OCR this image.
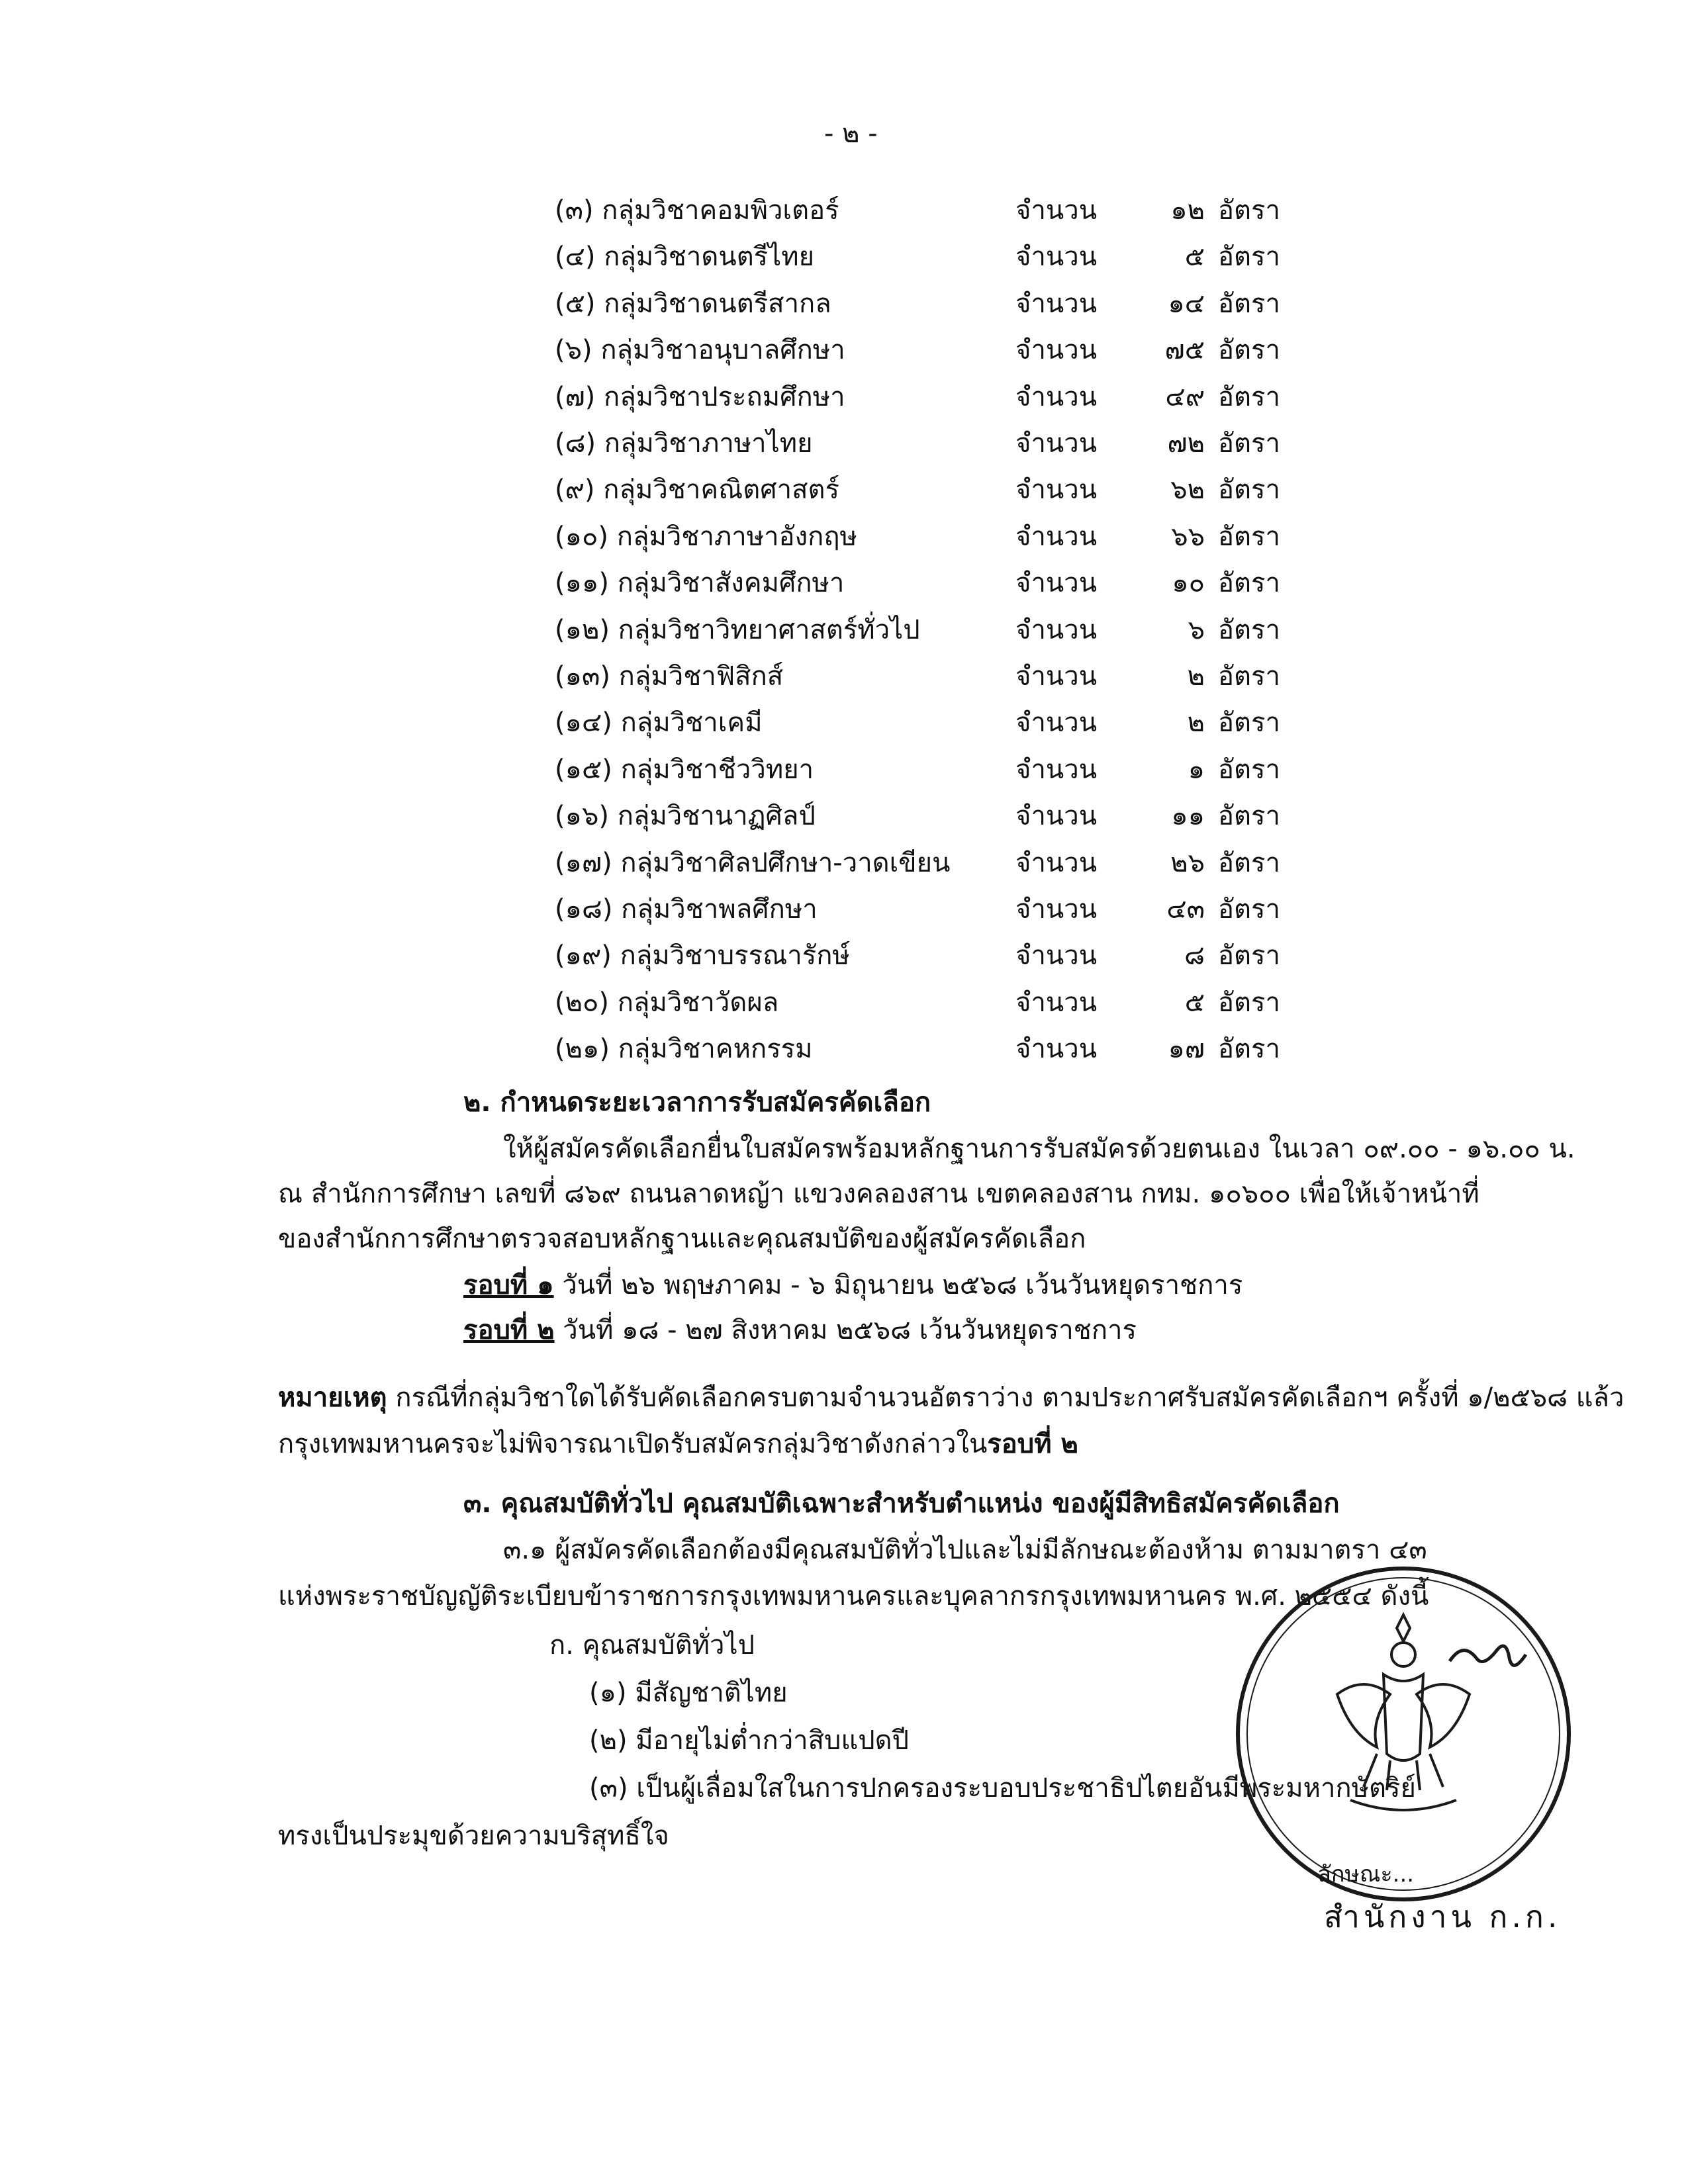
- ๒ -
(๓) กลุ่มวิชาคอมพิวเตอร์	จำนวน	๑๒ อัตรา
(๔) กลุ่มวิชาดนตรีไทย	จำนวน	๕ อัตรา
(๕) กลุ่มวิชาดนตรีสากล	จำนวน	๑๔ อัตรา
(๖) กลุ่มวิชาอนุบาลศึกษา	จำนวน	๗๕ อัตรา
(๗) กลุ่มวิชาประถมศึกษา	จำนวน	๔๙ อัตรา
(๘) กลุ่มวิชาภาษาไทย	จำนวน	๗๒ อัตรา
(๙) กลุ่มวิชาคณิตศาสตร์	จำนวน	๖๒ อัตรา
(๑๐) กลุ่มวิชาภาษาอังกฤษ	จำนวน	๖๖ อัตรา
(๑๑) กลุ่มวิชาสังคมศึกษา	จำนวน	๑๐ อัตรา
(๑๒) กลุ่มวิชาวิทยาศาสตร์ทั่วไป	จำนวน	๖ อัตรา
(๑๓) กลุ่มวิชาฟิสิกส์	จำนวน	๒ อัตรา
(๑๔) กลุ่มวิชาเคมี	จำนวน	๒ อัตรา
(๑๕) กลุ่มวิชาชีววิทยา	จำนวน	๑ อัตรา
(๑๖) กลุ่มวิชานาฏศิลป์	จำนวน	๑๑ อัตรา
(๑๗) กลุ่มวิชาศิลปศึกษา-วาดเขียน จำนวน	๒๖ อัตรา
(๑๘) กลุ่มวิชาพลศึกษา	จำนวน	๔๓ อัตรา
(๑๙) กลุ่มวิชาบรรณารักษ์	จำนวน	๘ อัตรา
(๒๐) กลุ่มวิชาวัดผล	จำนวน	๕ อัตรา
(๒๑) กลุ่มวิชาคหกรรม	จำนวน	๑๗ อัตรา
๒. กำหนดระยะเวลาการรับสมัครคัดเลือก
ให้ผู้สมัครคัดเลือกยื่นใบสมัครพร้อมหลักฐานการรับสมัครด้วยตนเอง ในเวลา ๐๙.๐๐ - ๑๖.๐๐ น.
ณ สำนักการศึกษา เลขที่ ๘๖๙ ถนนลาดหญ้า แขวงคลองสาน เขตคลองสาน กทม. ๑๐๖๐๐ เพื่อให้เจ้าหน้าที่
ของสำนักการศึกษาตรวจสอบหลักฐานและคุณสมบัติของผู้สมัครคัดเลือก
รอบที่ ๑ วันที่ ๒๖ พฤษภาคม - ๖ มิถุนายน ๒๕๖๘ เว้นวันหยุดราชการ
รอบที่ ๒ วันที่ ๑๘ - ๒๗ สิงหาคม ๒๕๖๘ เว้นวันหยุดราชการ
หมายเหตุ กรณีที่กลุ่มวิชาใดได้รับคัดเลือกครบตามจำนวนอัตราว่าง ตามประกาศรับสมัครคัดเลือกฯ ครั้งที่ ๑/๒๕๖๘ แล้ว
กรุงเทพมหานครจะไม่พิจารณาเปิดรับสมัครกลุ่มวิชาดังกล่าวในรอบที่ ๒
๓. คุณสมบัติทั่วไป คุณสมบัติเฉพาะสำหรับตำแหน่ง ของผู้มีสิทธิสมัครคัดเลือก
๓.๑ ผู้สมัครคัดเลือกต้องมีคุณสมบัติทั่วไปและไม่มีลักษณะต้องห้าม ตามมาตรา ๔๓
แห่งพระราชบัญญัติระเบียบข้าราชการกรุงเทพมหานครและบุคลากรกรุงเทพมหานคร พ.ศ. ๒๕๕๔ ดังนี้
ก. คุณสมบัติทั่วไป
(๑) มีสัญชาติไทย
(๒) มีอายุไม่ต่ำกว่าสิบแปดปี
(๓) เป็นผู้เลื่อมใสในการปกครองระบอบประชาธิปไตยอันมีพระมหากษัตริย์
ทรงเป็นประมุขด้วยความบริสุทธิ์ใจ
ลักษณะ...
สำนักงาน ก.ก.
